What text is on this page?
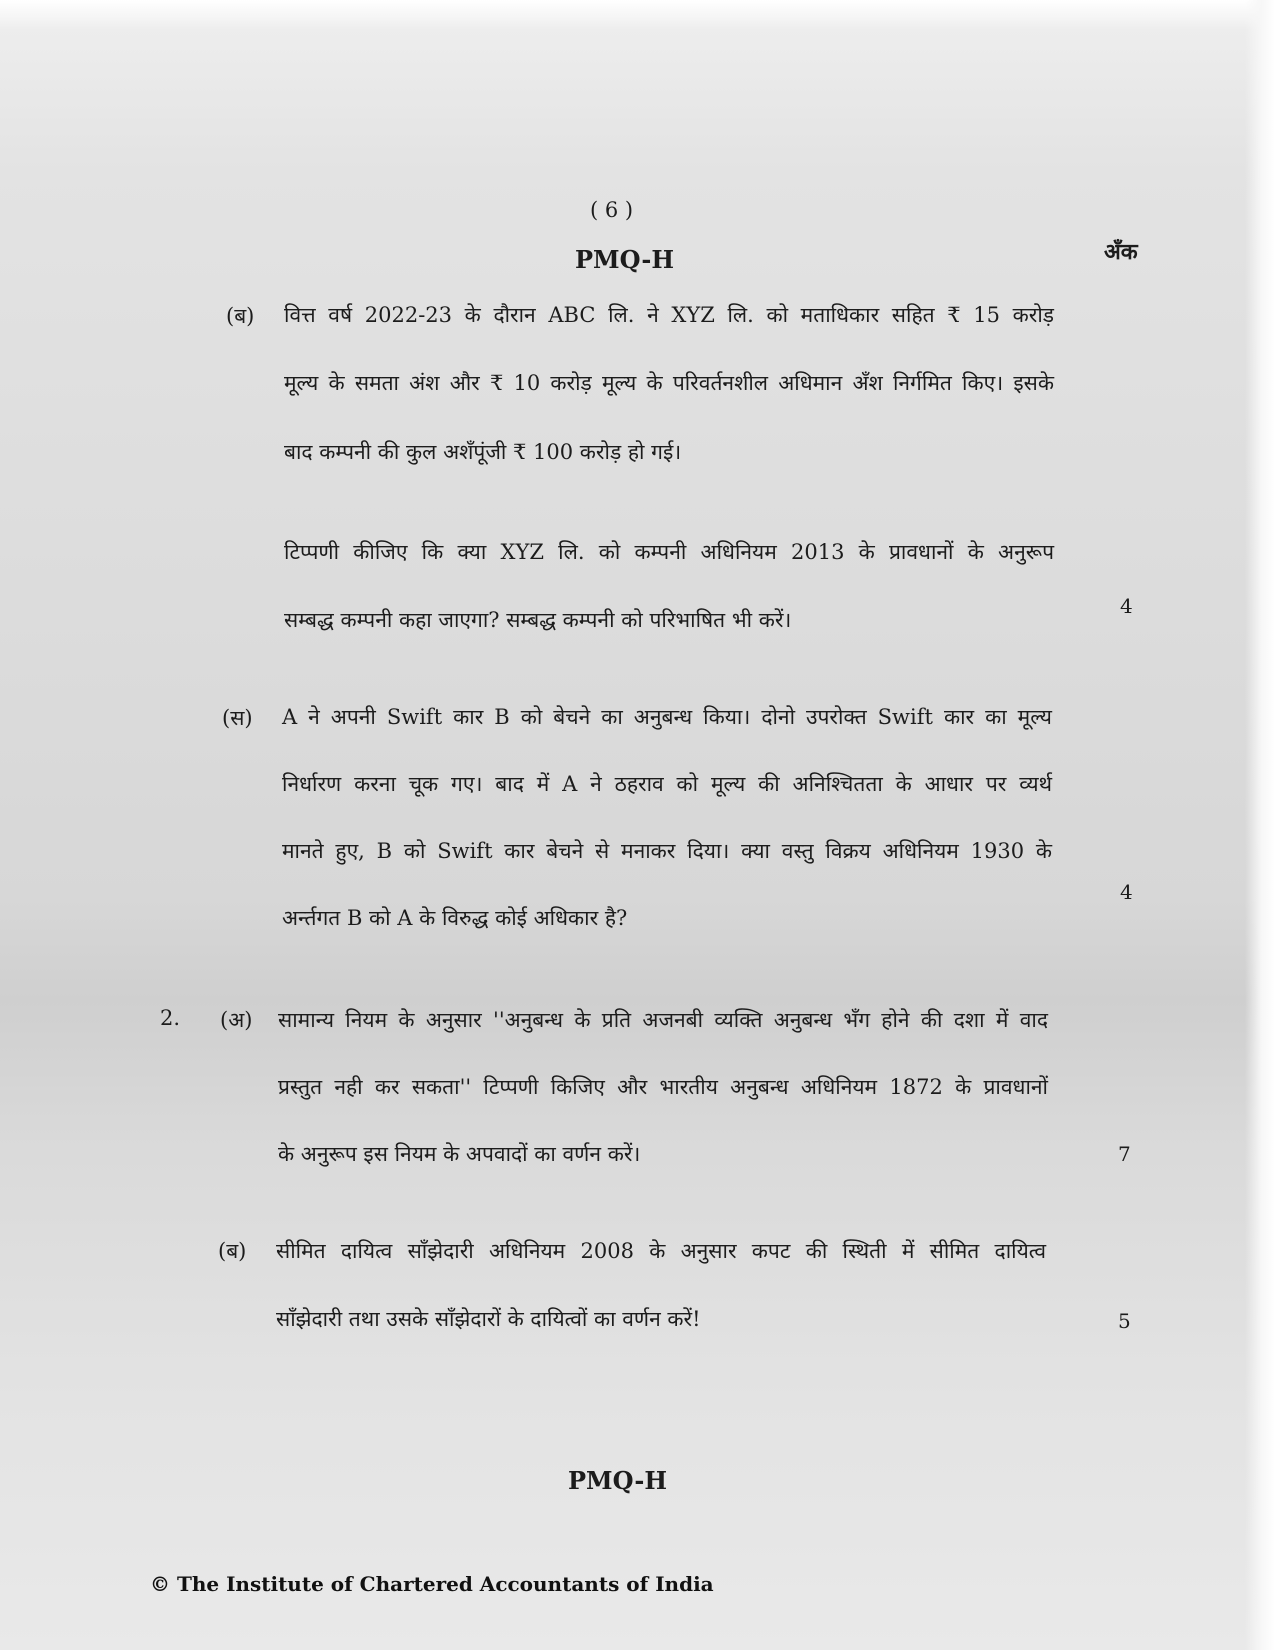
( 6 )
PMQ-H	अँक
(ब) वित्त वर्ष 2022-23 के दौरान ABC लि. ने XYZ लि. को मताधिकार सहित ₹ 15 करोड़
मूल्य के समता अंश और ₹ 10 करोड़ मूल्य के परिवर्तनशील अधिमान अँश निर्गमित किए। इसके
बाद कम्पनी की कुल अशँपूंजी ₹ 100 करोड़ हो गई।
टिप्पणी कीजिए कि क्या XYZ लि. को कम्पनी अधिनियम 2013 के प्रावधानों के अनुरूप
सम्बद्ध कम्पनी कहा जाएगा? सम्बद्ध कम्पनी को परिभाषित भी करें।
4
(स) A ने अपनी Swift कार B को बेचने का अनुबन्ध किया। दोनो उपरोक्त Swift कार का मूल्य
निर्धारण करना चूक गए। बाद में A ने ठहराव को मूल्य की अनिश्चितता के आधार पर व्यर्थ
मानते हुए, B को Swift कार बेचने से मनाकर दिया। क्या वस्तु विक्रय अधिनियम 1930 के
अर्न्तगत B को A के विरुद्ध कोई अधिकार है?
4
2. (अ) सामान्य नियम के अनुसार ''अनुबन्ध के प्रति अजनबी व्यक्ति अनुबन्ध भँग होने की दशा में वाद
प्रस्तुत नही कर सकता'' टिप्पणी किजिए और भारतीय अनुबन्ध अधिनियम 1872 के प्रावधानों
के अनुरूप इस नियम के अपवादों का वर्णन करें।	7
(ब) सीमित दायित्व साँझेदारी अधिनियम 2008 के अनुसार कपट की स्थिती में सीमित दायित्व
साँझेदारी तथा उसके साँझेदारों के दायित्वों का वर्णन करें!	5
PMQ-H
© The Institute of Chartered Accountants of India
